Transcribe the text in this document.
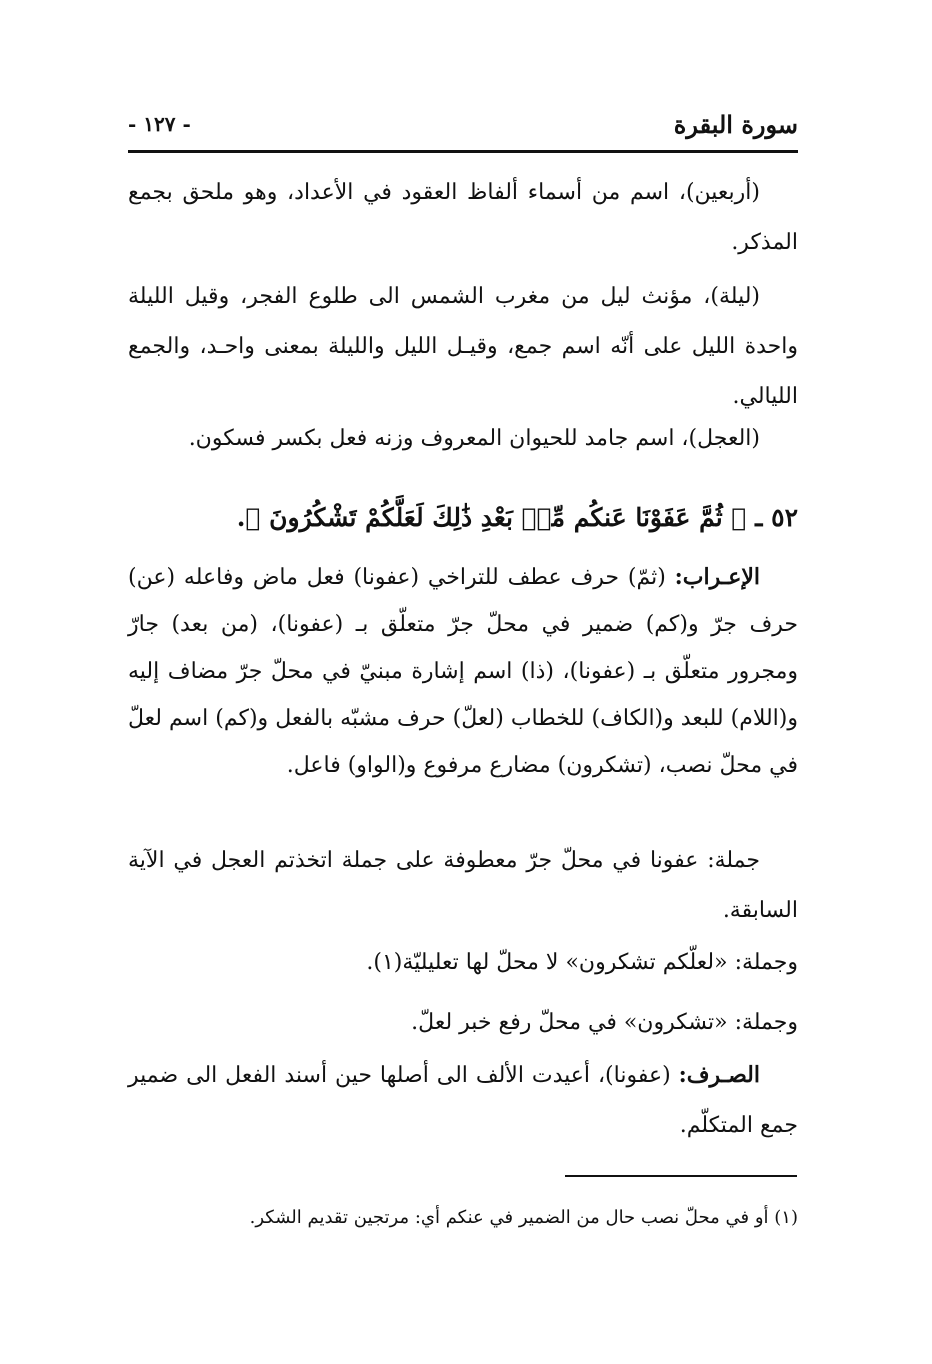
- ١٢٧ -	سورة البقرة

(أربعين)، اسم من أسماء ألفاظ العقود في الأعداد، وهو ملحق بجمع المذكر.

(ليلة)، مؤنث ليل من مغرب الشمس الى طلوع الفجر، وقيل الليلة واحدة الليل على أنّه اسم جمع، وقيـل الليل والليلة بمعنى واحـد، والجمع الليالي.

(العجل)، اسم جامد للحيوان المعروف وزنه فعل بكسر فسكون.

٥٢ ـ ﴿ ثُمَّ عَفَوْنَا عَنكُم مِّنۢ بَعْدِ ذَٰلِكَ لَعَلَّكُمْ تَشْكُرُونَ ﴾.

الإعـراب: (ثمّ) حرف عطف للتراخي (عفونا) فعل ماض وفاعله (عن) حرف جرّ و(كم) ضمير في محلّ جرّ متعلّق بـ (عفونا)، (من بعد) جارّ ومجرور متعلّق بـ (عفونا)، (ذا) اسم إشارة مبنيّ في محلّ جرّ مضاف إليه و(اللام) للبعد و(الكاف) للخطاب (لعلّ) حرف مشبّه بالفعل و(كم) اسم لعلّ في محلّ نصب، (تشكرون) مضارع مرفوع و(الواو) فاعل.

جملة: عفونا في محلّ جرّ معطوفة على جملة اتخذتم العجل في الآية السابقة.

وجملة: «لعلّكم تشكرون» لا محلّ لها تعليليّة(١).

وجملة: «تشكرون» في محلّ رفع خبر لعلّ.

الصـرف: (عفونا)، أعيدت الألف الى أصلها حين أسند الفعل الى ضمير جمع المتكلّم.

(١) أو في محلّ نصب حال من الضمير في عنكم أي: مرتجين تقديم الشكر.
